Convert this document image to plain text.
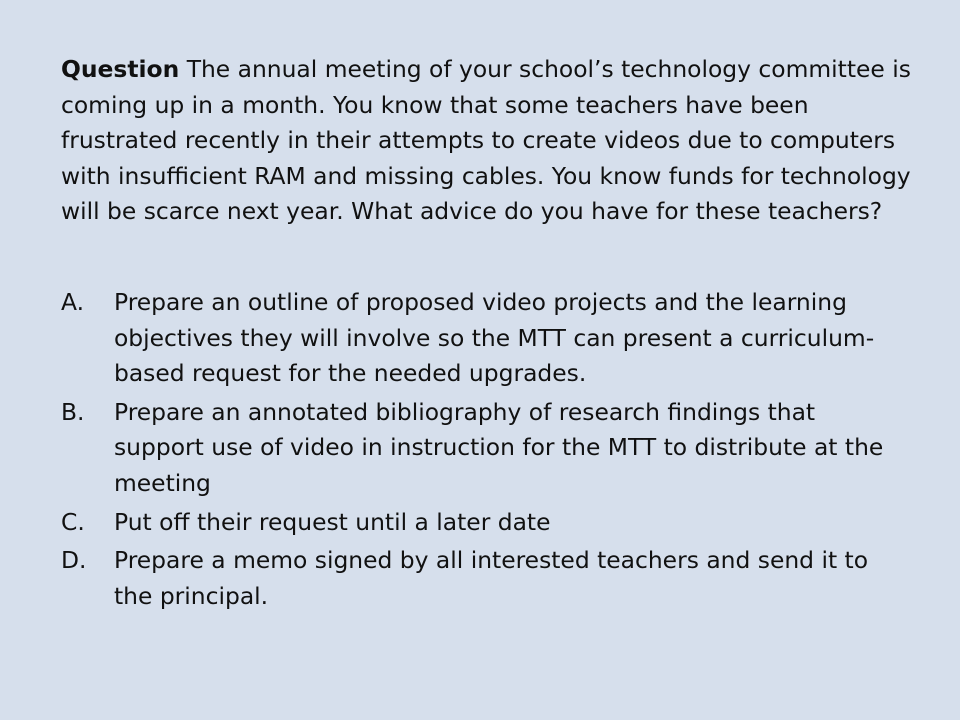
Question The annual meeting of your school’s technology committee is coming up in a month. You know that some teachers have been frustrated recently in their attempts to create videos due to computers with insufficient RAM and missing cables. You know funds for technology will be scarce next year. What advice do you have for these teachers?

A.	Prepare an outline of proposed video projects and the learning objectives they will involve so the MTT can present a curriculum-based request for the needed upgrades.
B.	Prepare an annotated bibliography of research findings that support use of video in instruction for the MTT to distribute at the meeting
C.	Put off their request until a later date
D.	Prepare a memo signed by all interested teachers and send it to the principal.
